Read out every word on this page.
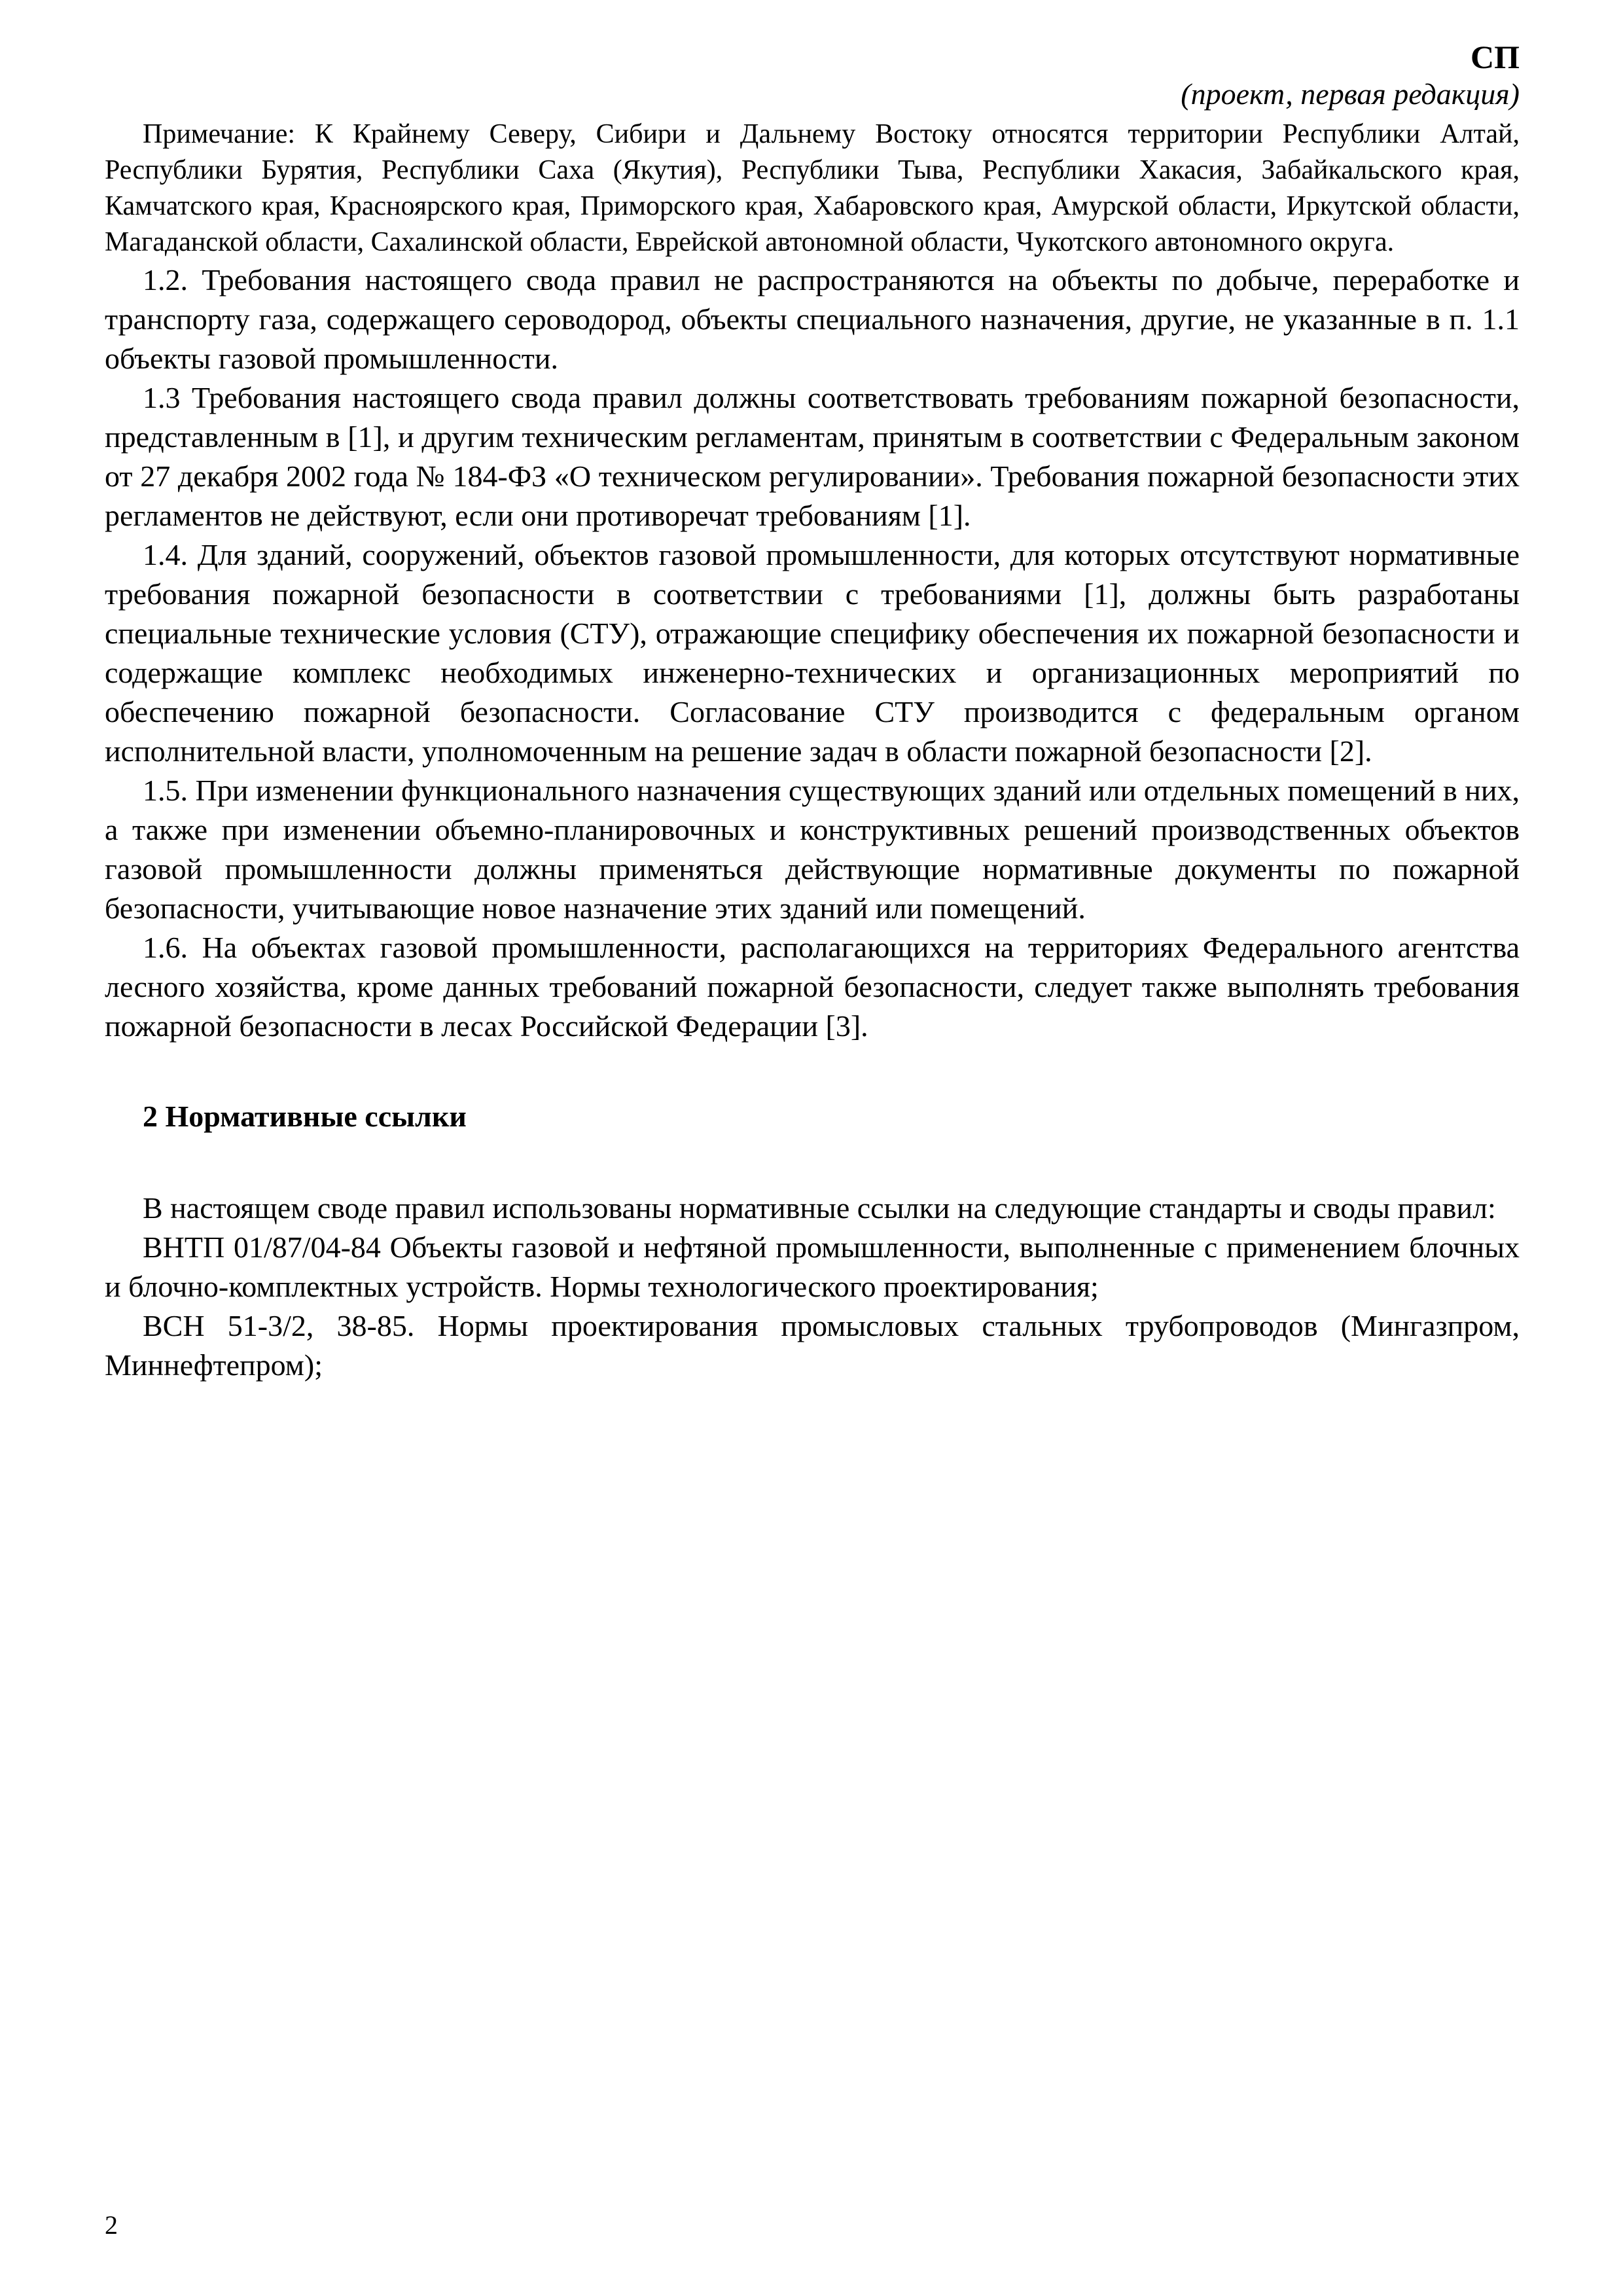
СП
(проект, первая редакция)

Примечание: К Крайнему Северу, Сибири и Дальнему Востоку относятся территории Республики Алтай, Республики Бурятия, Республики Саха (Якутия), Республики Тыва, Республики Хакасия, Забайкальского края, Камчатского края, Красноярского края, Приморского края, Хабаровского края, Амурской области, Иркутской области, Магаданской области, Сахалинской области, Еврейской автономной области, Чукотского автономного округа.

1.2. Требования настоящего свода правил не распространяются на объекты по добыче, переработке и транспорту газа, содержащего сероводород, объекты специального назначения, другие, не указанные в п. 1.1 объекты газовой промышленности.

1.3 Требования настоящего свода правил должны соответствовать требованиям пожарной безопасности, представленным в [1], и другим техническим регламентам, принятым в соответствии с Федеральным законом от 27 декабря 2002 года № 184-ФЗ «О техническом регулировании». Требования пожарной безопасности этих регламентов не действуют, если они противоречат требованиям [1].

1.4. Для зданий, сооружений, объектов газовой промышленности, для которых отсутствуют нормативные требования пожарной безопасности в соответствии с требованиями [1], должны быть разработаны специальные технические условия (СТУ), отражающие специфику обеспечения их пожарной безопасности и содержащие комплекс необходимых инженерно-технических и организационных мероприятий по обеспечению пожарной безопасности. Согласование СТУ производится с федеральным органом исполнительной власти, уполномоченным на решение задач в области пожарной безопасности [2].

1.5. При изменении функционального назначения существующих зданий или отдельных помещений в них, а также при изменении объемно-планировочных и конструктивных решений производственных объектов газовой промышленности должны применяться действующие нормативные документы по пожарной безопасности, учитывающие новое назначение этих зданий или помещений.

1.6. На объектах газовой промышленности, располагающихся на территориях Федерального агентства лесного хозяйства, кроме данных требований пожарной безопасности, следует также выполнять требования пожарной безопасности в лесах Российской Федерации [3].

2 Нормативные ссылки

В настоящем своде правил использованы нормативные ссылки на следующие стандарты и своды правил:

ВНТП 01/87/04-84 Объекты газовой и нефтяной промышленности, выполненные с применением блочных и блочно-комплектных устройств. Нормы технологического проектирования;

ВСН 51-3/2, 38-85. Нормы проектирования промысловых стальных трубопроводов (Мингазпром, Миннефтепром);

2
